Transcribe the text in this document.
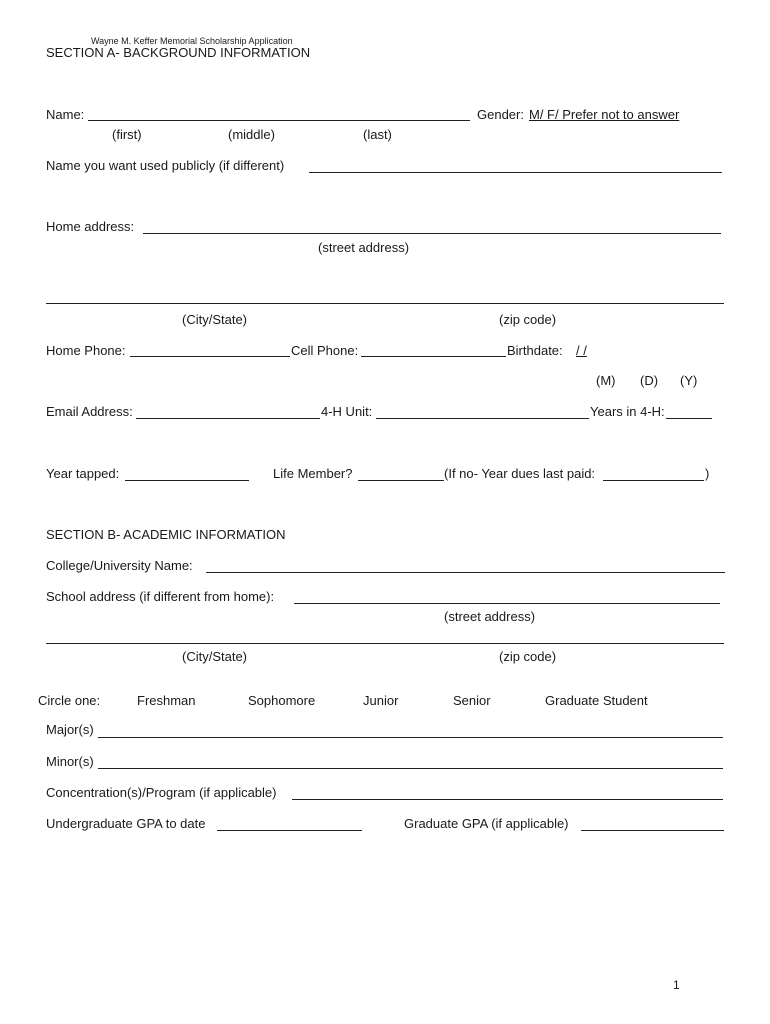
Wayne M. Keffer Memorial Scholarship Application
SECTION A- BACKGROUND INFORMATION
Name:	Gender: M/ F/ Prefer not to answer
(first)	(middle)	(last)
Name you want used publicly (if different)
Home address:
(street address)
(City/State)	(zip code)
Home Phone:	Cell Phone:	Birthdate: / /
(M) (D) (Y)
Email Address:	4-H Unit:	Years in 4-H:
Year tapped:	Life Member?	(If no- Year dues last paid:	)
SECTION B- ACADEMIC INFORMATION
College/University Name:
School address (if different from home):
(street address)
(City/State)	(zip code)
Circle one:	Freshman	Sophomore	Junior	Senior	Graduate Student
Major(s)
Minor(s)
Concentration(s)/Program (if applicable)
Undergraduate GPA to date	Graduate GPA (if applicable)
1
